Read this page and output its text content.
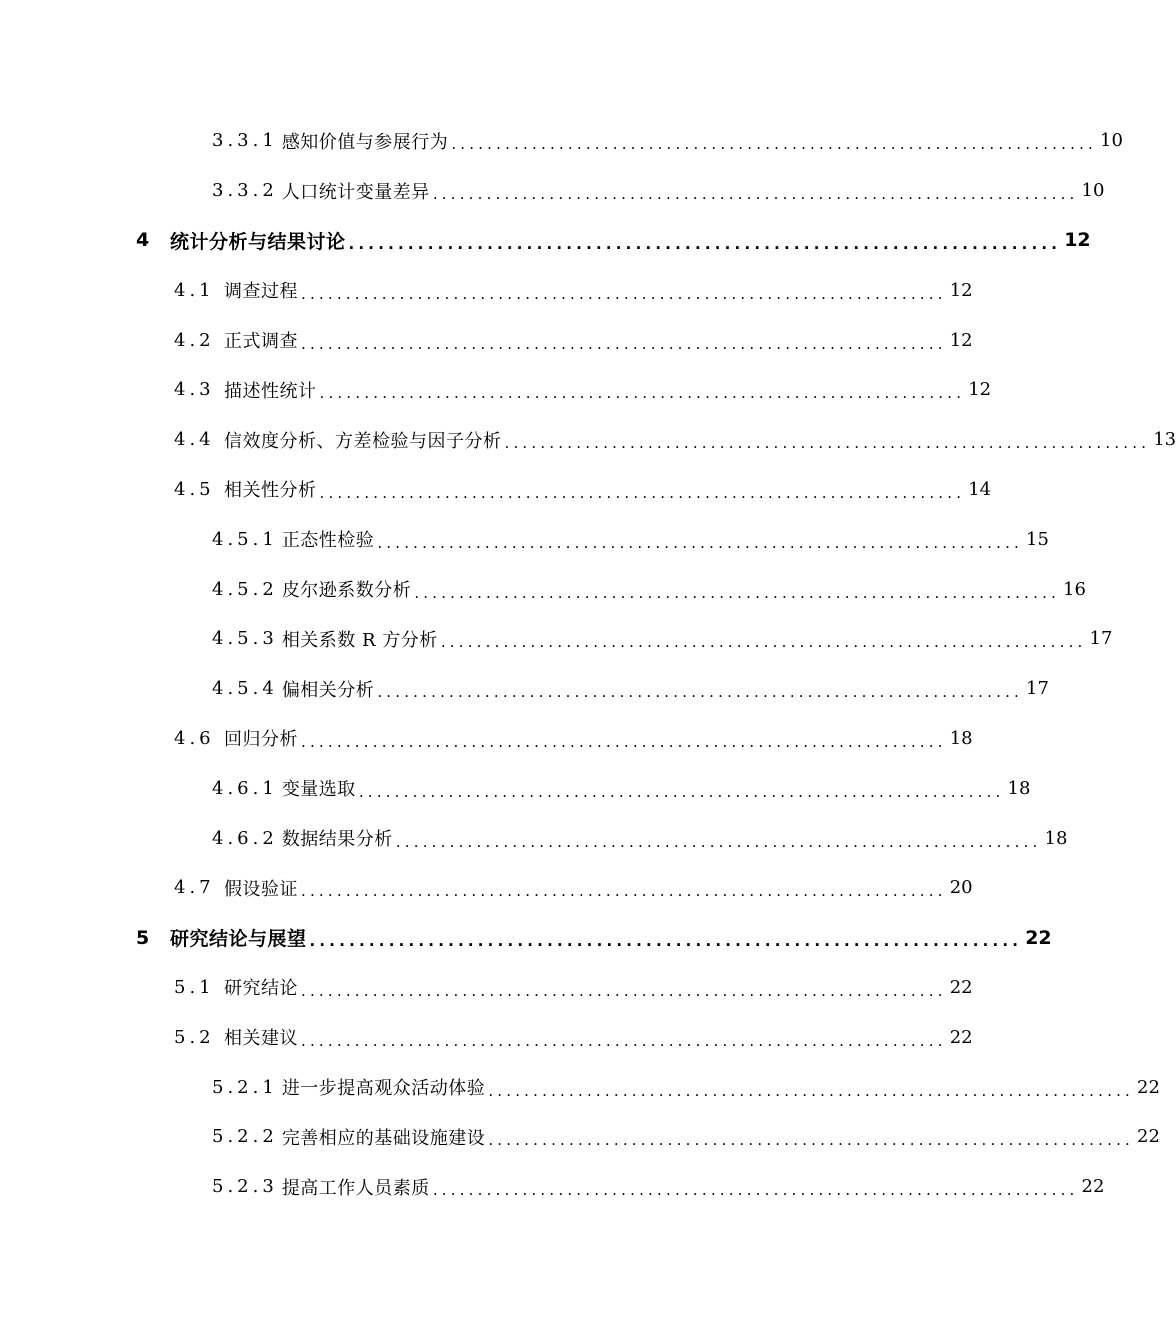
3.3.1 感知价值与参展行为 ........................................................................ 10
3.3.2 人口统计变量差异 ........................................................................ 10
4	统计分析与结果讨论 ........................................................................ 12
4.1 调查过程 ........................................................................ 12
4.2 正式调查 ........................................................................ 12
4.3 描述性统计 ........................................................................ 12
4.4 信效度分析、方差检验与因子分析 ........................................................................ 13
4.5 相关性分析 ........................................................................ 14
4.5.1 正态性检验 ........................................................................ 15
4.5.2 皮尔逊系数分析 ........................................................................ 16
4.5.3 相关系数 R 方分析 ........................................................................ 17
4.5.4 偏相关分析 ........................................................................ 17
4.6 回归分析 ........................................................................ 18
4.6.1 变量选取 ........................................................................ 18
4.6.2 数据结果分析 ........................................................................ 18
4.7 假设验证 ........................................................................ 20
5	研究结论与展望 ........................................................................ 22
5.1 研究结论 ........................................................................ 22
5.2 相关建议 ........................................................................ 22
5.2.1 进一步提高观众活动体验 ........................................................................ 22
5.2.2 完善相应的基础设施建设 ........................................................................ 22
5.2.3 提高工作人员素质 ........................................................................ 22
